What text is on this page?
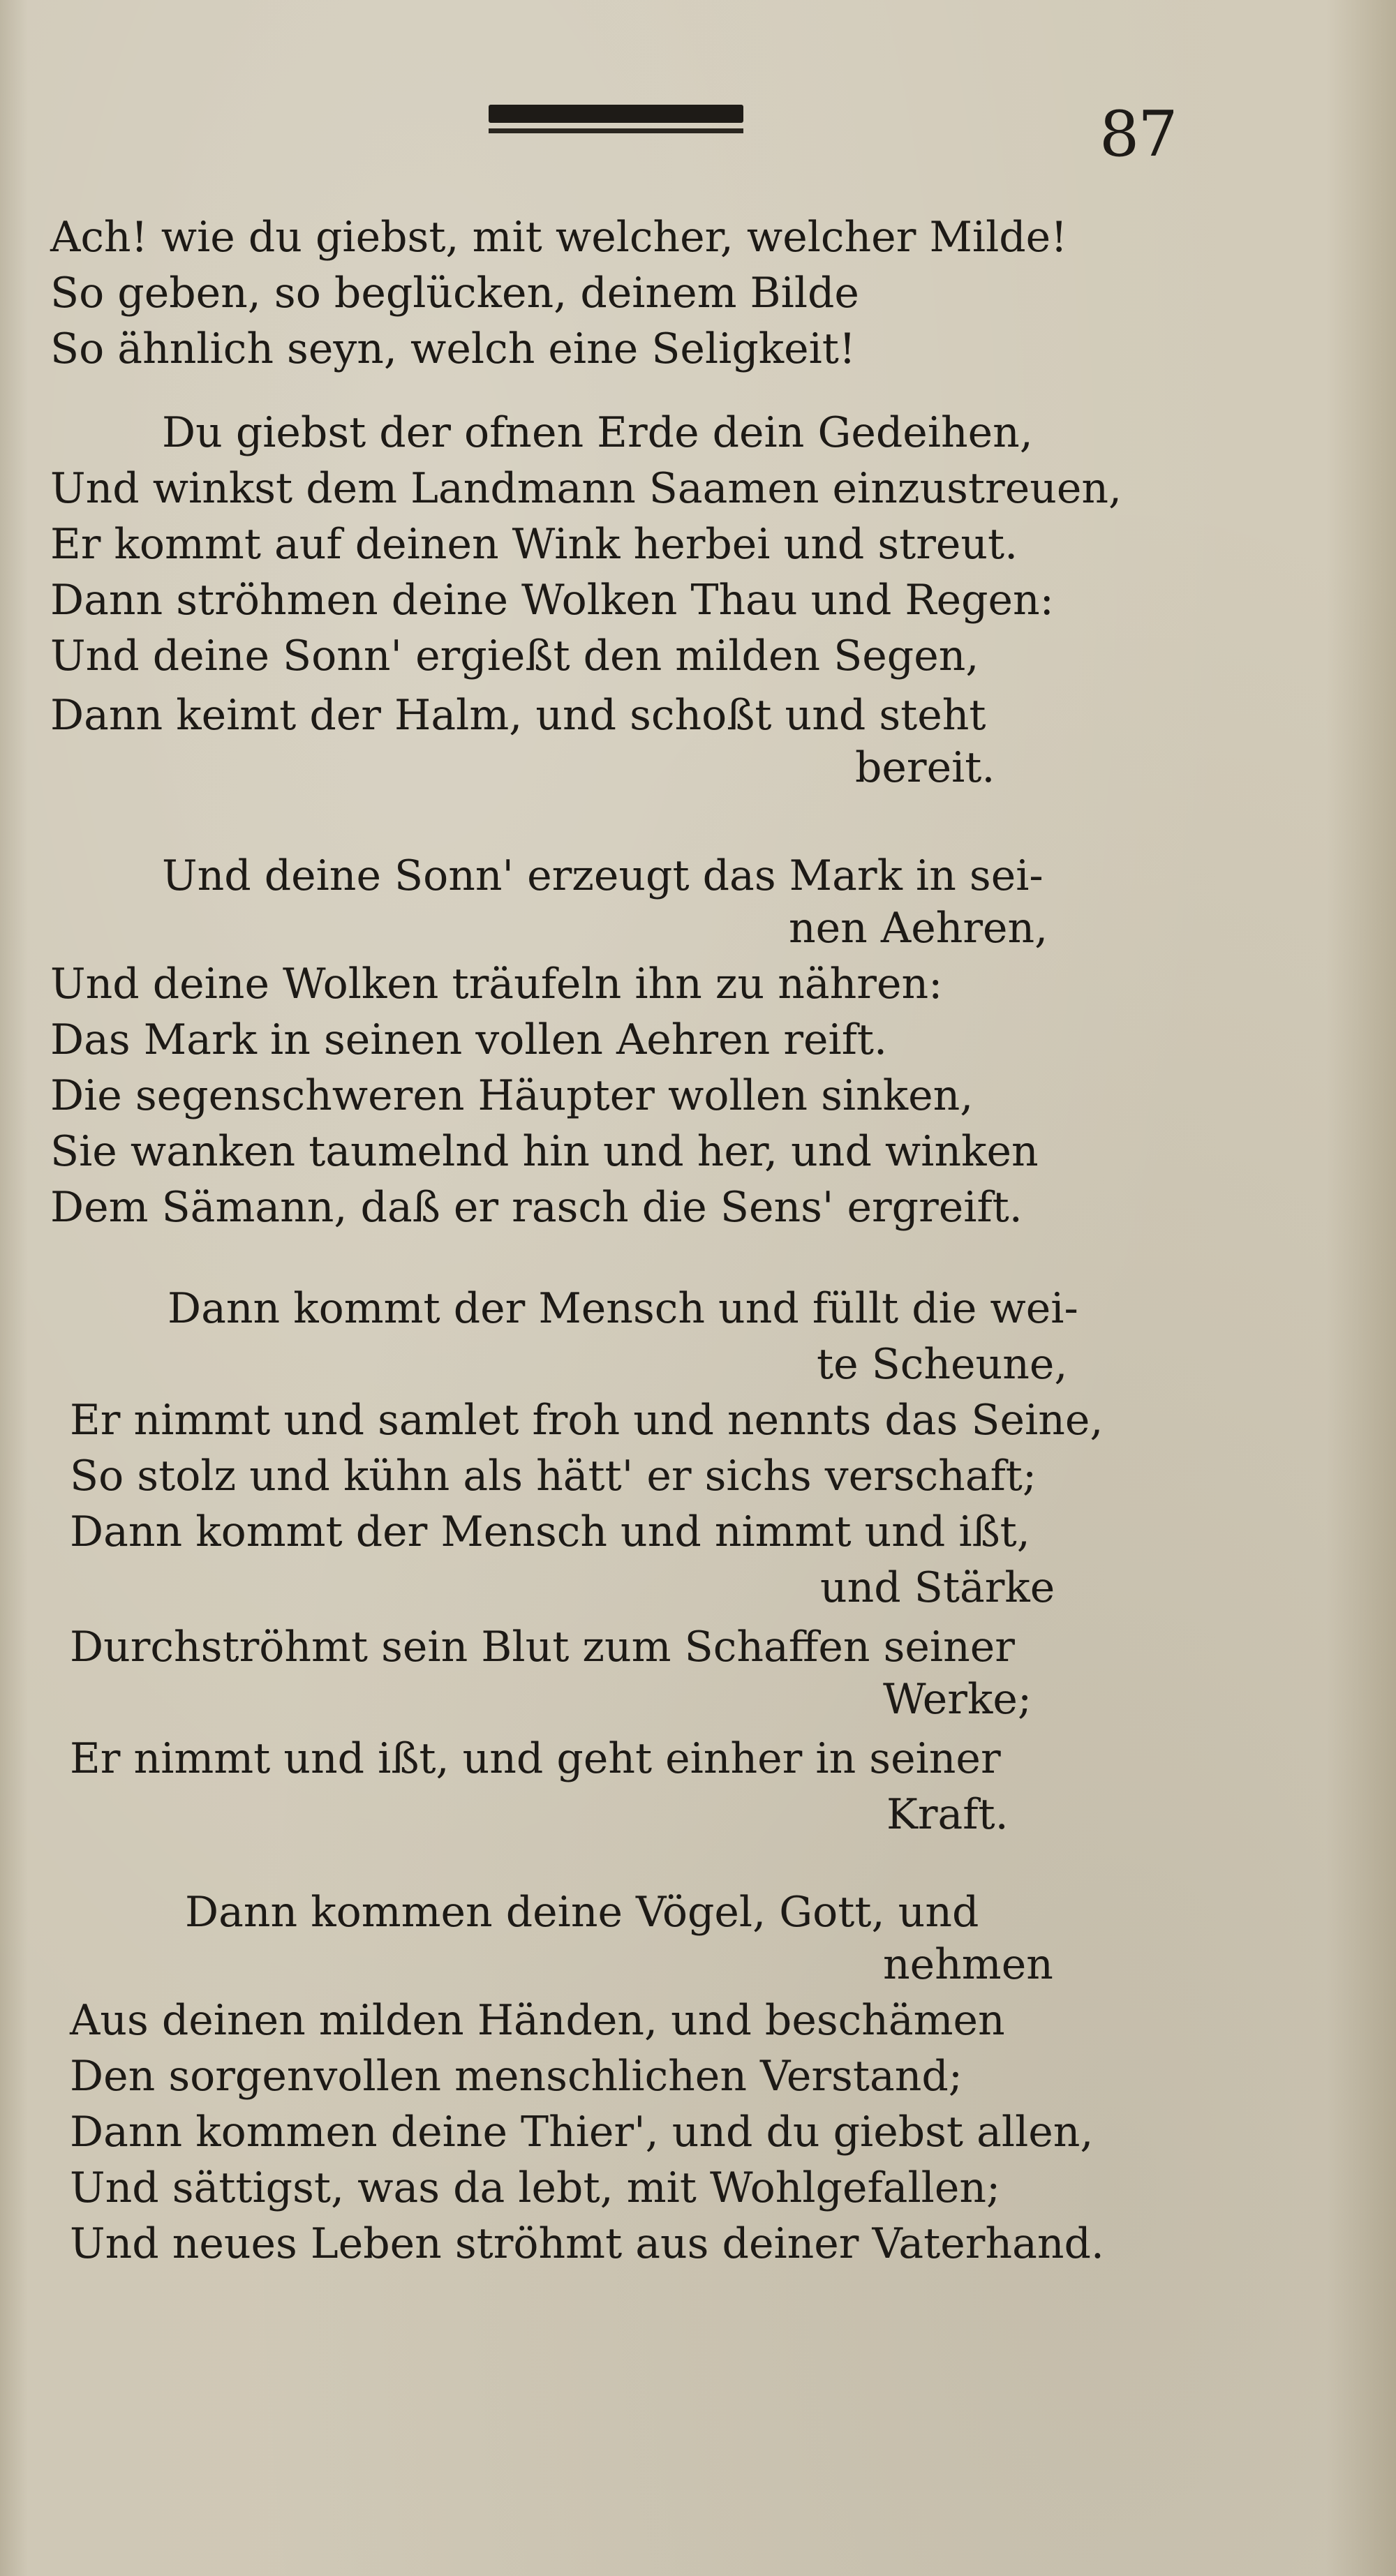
87
Ach! wie du giebst, mit welcher, welcher Milde!
So geben, so beglücken, deinem Bilde
So ähnlich seyn, welch eine Seligkeit!
Du giebst der ofnen Erde dein Gedeihen,
Und winkst dem Landmann Saamen einzustreuen,
Er kommt auf deinen Wink herbei und streut.
Dann ströhmen deine Wolken Thau und Regen:
Und deine Sonn' ergießt den milden Segen,
Dann keimt der Halm, und schoßt und steht
bereit.
Und deine Sonn' erzeugt das Mark in sei-
nen Aehren,
Und deine Wolken träufeln ihn zu nähren:
Das Mark in seinen vollen Aehren reift.
Die segenschweren Häupter wollen sinken,
Sie wanken taumelnd hin und her, und winken
Dem Sämann, daß er rasch die Sens' ergreift.
Dann kommt der Mensch und füllt die wei-
te Scheune,
Er nimmt und samlet froh und nennts das Seine,
So stolz und kühn als hätt' er sichs verschaft;
Dann kommt der Mensch und nimmt und ißt,
und Stärke
Durchströhmt sein Blut zum Schaffen seiner
Werke;
Er nimmt und ißt, und geht einher in seiner
Kraft.
Dann kommen deine Vögel, Gott, und
nehmen
Aus deinen milden Händen, und beschämen
Den sorgenvollen menschlichen Verstand;
Dann kommen deine Thier', und du giebst allen,
Und sättigst, was da lebt, mit Wohlgefallen;
Und neues Leben ströhmt aus deiner Vaterhand.
